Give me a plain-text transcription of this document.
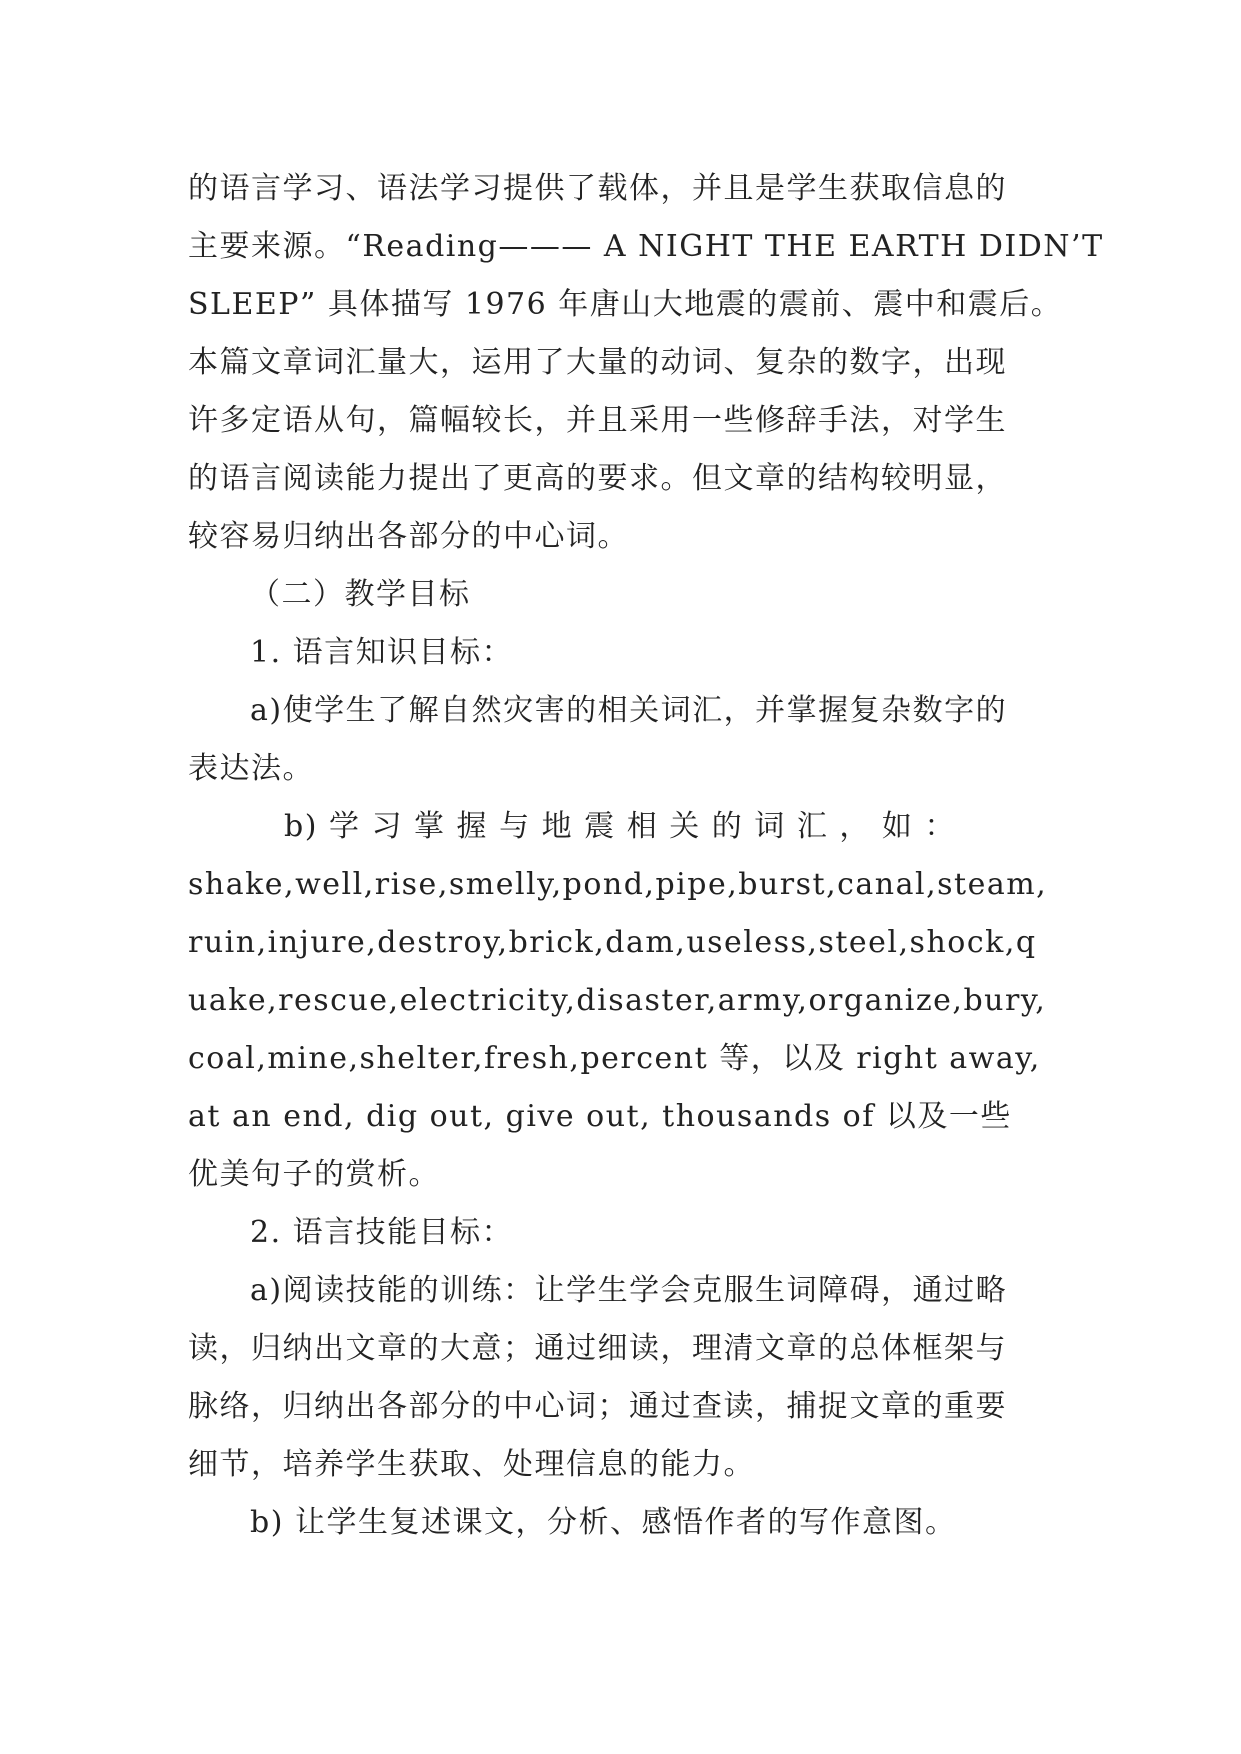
的语言学习、语法学习提供了载体，并且是学生获取信息的
主要来源。“Reading——— A NIGHT THE EARTH DIDN’T
SLEEP” 具体描写 1976 年唐山大地震的震前、震中和震后。
本篇文章词汇量大，运用了大量的动词、复杂的数字，出现
许多定语从句，篇幅较长，并且采用一些修辞手法，对学生
的语言阅读能力提出了更高的要求。但文章的结构较明显，
较容易归纳出各部分的中心词。
（二）教学目标
1. 语言知识目标：
a)使学生了解自然灾害的相关词汇，并掌握复杂数字的
表达法。
b) 学 习 掌 握 与 地 震 相 关 的 词 汇 ， 如 ：
shake,well,rise,smelly,pond,pipe,burst,canal,steam,
ruin,injure,destroy,brick,dam,useless,steel,shock,q
uake,rescue,electricity,disaster,army,organize,bury,
coal,mine,shelter,fresh,percent 等，以及 right away,
at an end, dig out, give out, thousands of 以及一些
优美句子的赏析。
2. 语言技能目标：
a)阅读技能的训练：让学生学会克服生词障碍，通过略
读，归纳出文章的大意；通过细读，理清文章的总体框架与
脉络，归纳出各部分的中心词；通过查读，捕捉文章的重要
细节，培养学生获取、处理信息的能力。
b) 让学生复述课文，分析、感悟作者的写作意图。
